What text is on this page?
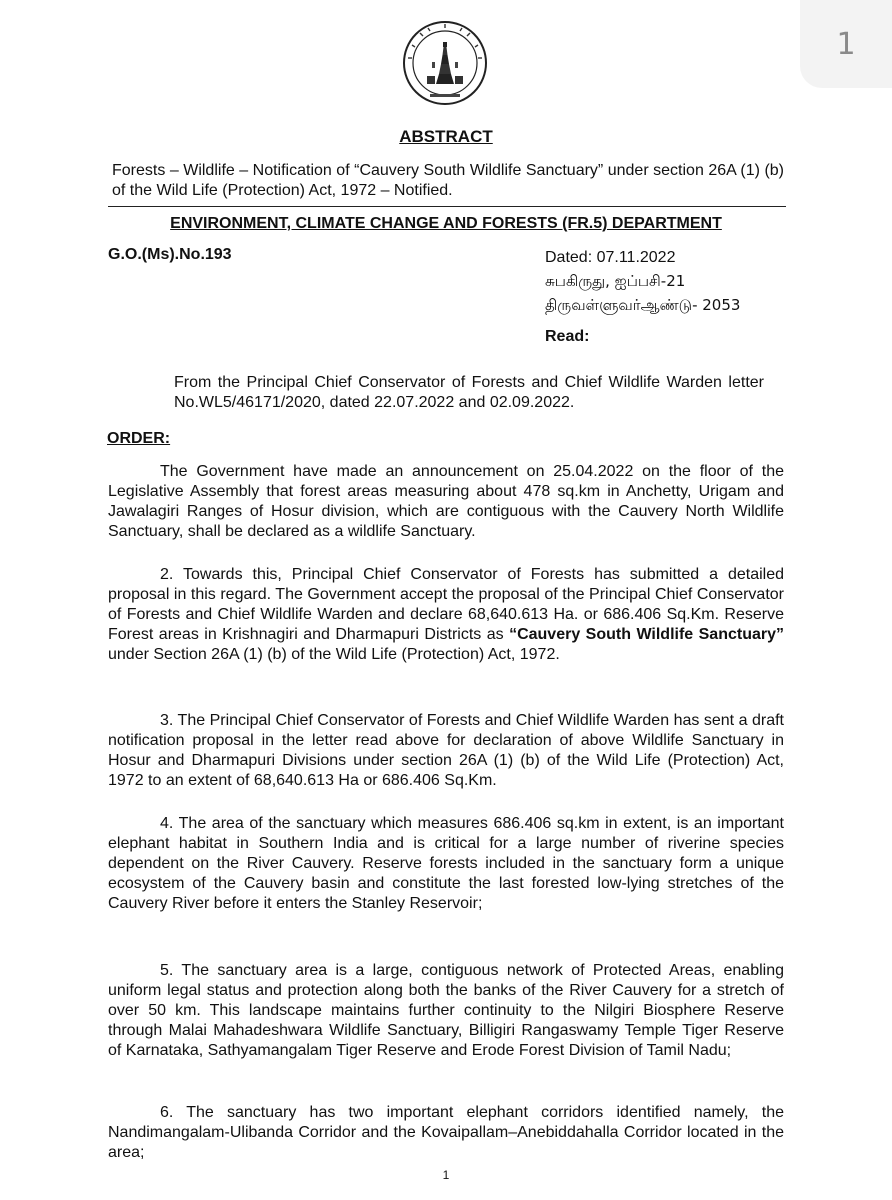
1
ABSTRACT
Forests – Wildlife – Notification of “Cauvery South Wildlife Sanctuary” under section 26A (1) (b) of the Wild Life (Protection) Act, 1972 – Notified.
ENVIRONMENT, CLIMATE CHANGE AND FORESTS (FR.5) DEPARTMENT
G.O.(Ms).No.193	Dated: 07.11.2022
சுபகிருது, ஐப்பசி-21
திருவள்ளுவர்ஆண்டு- 2053
Read:
From the Principal Chief Conservator of Forests and Chief Wildlife Warden letter No.WL5/46171/2020, dated 22.07.2022 and 02.09.2022.
ORDER:
The Government have made an announcement on 25.04.2022 on the floor of the Legislative Assembly that forest areas measuring about 478 sq.km in Anchetty, Urigam and Jawalagiri Ranges of Hosur division, which are contiguous with the Cauvery North Wildlife Sanctuary, shall be declared as a wildlife Sanctuary.
2. Towards this, Principal Chief Conservator of Forests has submitted a detailed proposal in this regard. The Government accept the proposal of the Principal Chief Conservator of Forests and Chief Wildlife Warden and declare 68,640.613 Ha. or 686.406 Sq.Km. Reserve Forest areas in Krishnagiri and Dharmapuri Districts as “Cauvery South Wildlife Sanctuary” under Section 26A (1) (b) of the Wild Life (Protection) Act, 1972.
3. The Principal Chief Conservator of Forests and Chief Wildlife Warden has sent a draft notification proposal in the letter read above for declaration of above Wildlife Sanctuary in Hosur and Dharmapuri Divisions under section 26A (1) (b) of the Wild Life (Protection) Act, 1972 to an extent of 68,640.613 Ha or 686.406 Sq.Km.
4. The area of the sanctuary which measures 686.406 sq.km in extent, is an important elephant habitat in Southern India and is critical for a large number of riverine species dependent on the River Cauvery. Reserve forests included in the sanctuary form a unique ecosystem of the Cauvery basin and constitute the last forested low-lying stretches of the Cauvery River before it enters the Stanley Reservoir;
5. The sanctuary area is a large, contiguous network of Protected Areas, enabling uniform legal status and protection along both the banks of the River Cauvery for a stretch of over 50 km. This landscape maintains further continuity to the Nilgiri Biosphere Reserve through Malai Mahadeshwara Wildlife Sanctuary, Billigiri Rangaswamy Temple Tiger Reserve of Karnataka, Sathyamangalam Tiger Reserve and Erode Forest Division of Tamil Nadu;
6. The sanctuary has two important elephant corridors identified namely, the Nandimangalam-Ulibanda Corridor and the Kovaipallam–Anebiddahalla Corridor located in the area;
1
